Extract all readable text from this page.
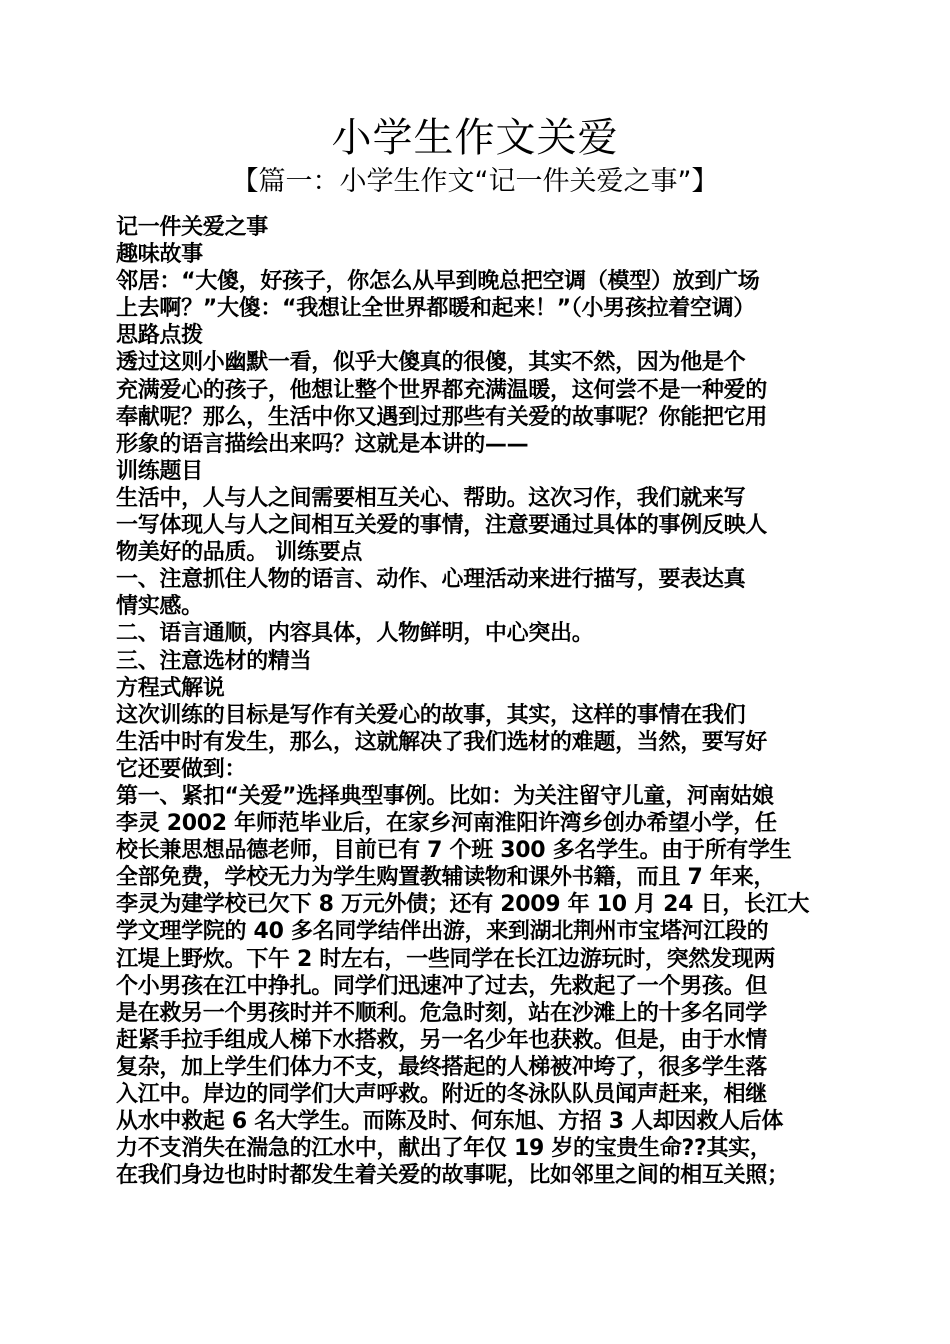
小学生作文关爱
【篇一：小学生作文“记一件关爱之事”】
记一件关爱之事
趣味故事
邻居：“大傻，好孩子，你怎么从早到晚总把空调（模型）放到广场
上去啊？”大傻：“我想让全世界都暖和起来！”（小男孩拉着空调）
思路点拨
透过这则小幽默一看，似乎大傻真的很傻，其实不然，因为他是个
充满爱心的孩子，他想让整个世界都充满温暖，这何尝不是一种爱的
奉献呢？那么，生活中你又遇到过那些有关爱的故事呢？你能把它用
形象的语言描绘出来吗？这就是本讲的——
训练题目
生活中，人与人之间需要相互关心、帮助。这次习作，我们就来写
一写体现人与人之间相互关爱的事情，注意要通过具体的事例反映人
物美好的品质。 训练要点
一、注意抓住人物的语言、动作、心理活动来进行描写，要表达真
情实感。
二、语言通顺，内容具体，人物鲜明，中心突出。
三、注意选材的精当
方程式解说
这次训练的目标是写作有关爱心的故事，其实，这样的事情在我们
生活中时有发生，那么，这就解决了我们选材的难题，当然，要写好
它还要做到：
第一、紧扣“关爱”选择典型事例。比如：为关注留守儿童，河南姑娘
李灵 2002 年师范毕业后，在家乡河南淮阳许湾乡创办希望小学，任
校长兼思想品德老师，目前已有 7 个班 300 多名学生。由于所有学生
全部免费，学校无力为学生购置教辅读物和课外书籍，而且 7 年来，
李灵为建学校已欠下 8 万元外债；还有 2009 年 10 月 24 日，长江大
学文理学院的 40 多名同学结伴出游，来到湖北荆州市宝塔河江段的
江堤上野炊。下午 2 时左右，一些同学在长江边游玩时，突然发现两
个小男孩在江中挣扎。同学们迅速冲了过去，先救起了一个男孩。但
是在救另一个男孩时并不顺利。危急时刻，站在沙滩上的十多名同学
赶紧手拉手组成人梯下水搭救，另一名少年也获救。但是，由于水情
复杂，加上学生们体力不支，最终搭起的人梯被冲垮了，很多学生落
入江中。岸边的同学们大声呼救。附近的冬泳队队员闻声赶来，相继
从水中救起 6 名大学生。而陈及时、何东旭、方招 3 人却因救人后体
力不支消失在湍急的江水中，献出了年仅 19 岁的宝贵生命??其实，
在我们身边也时时都发生着关爱的故事呢，比如邻里之间的相互关照；
